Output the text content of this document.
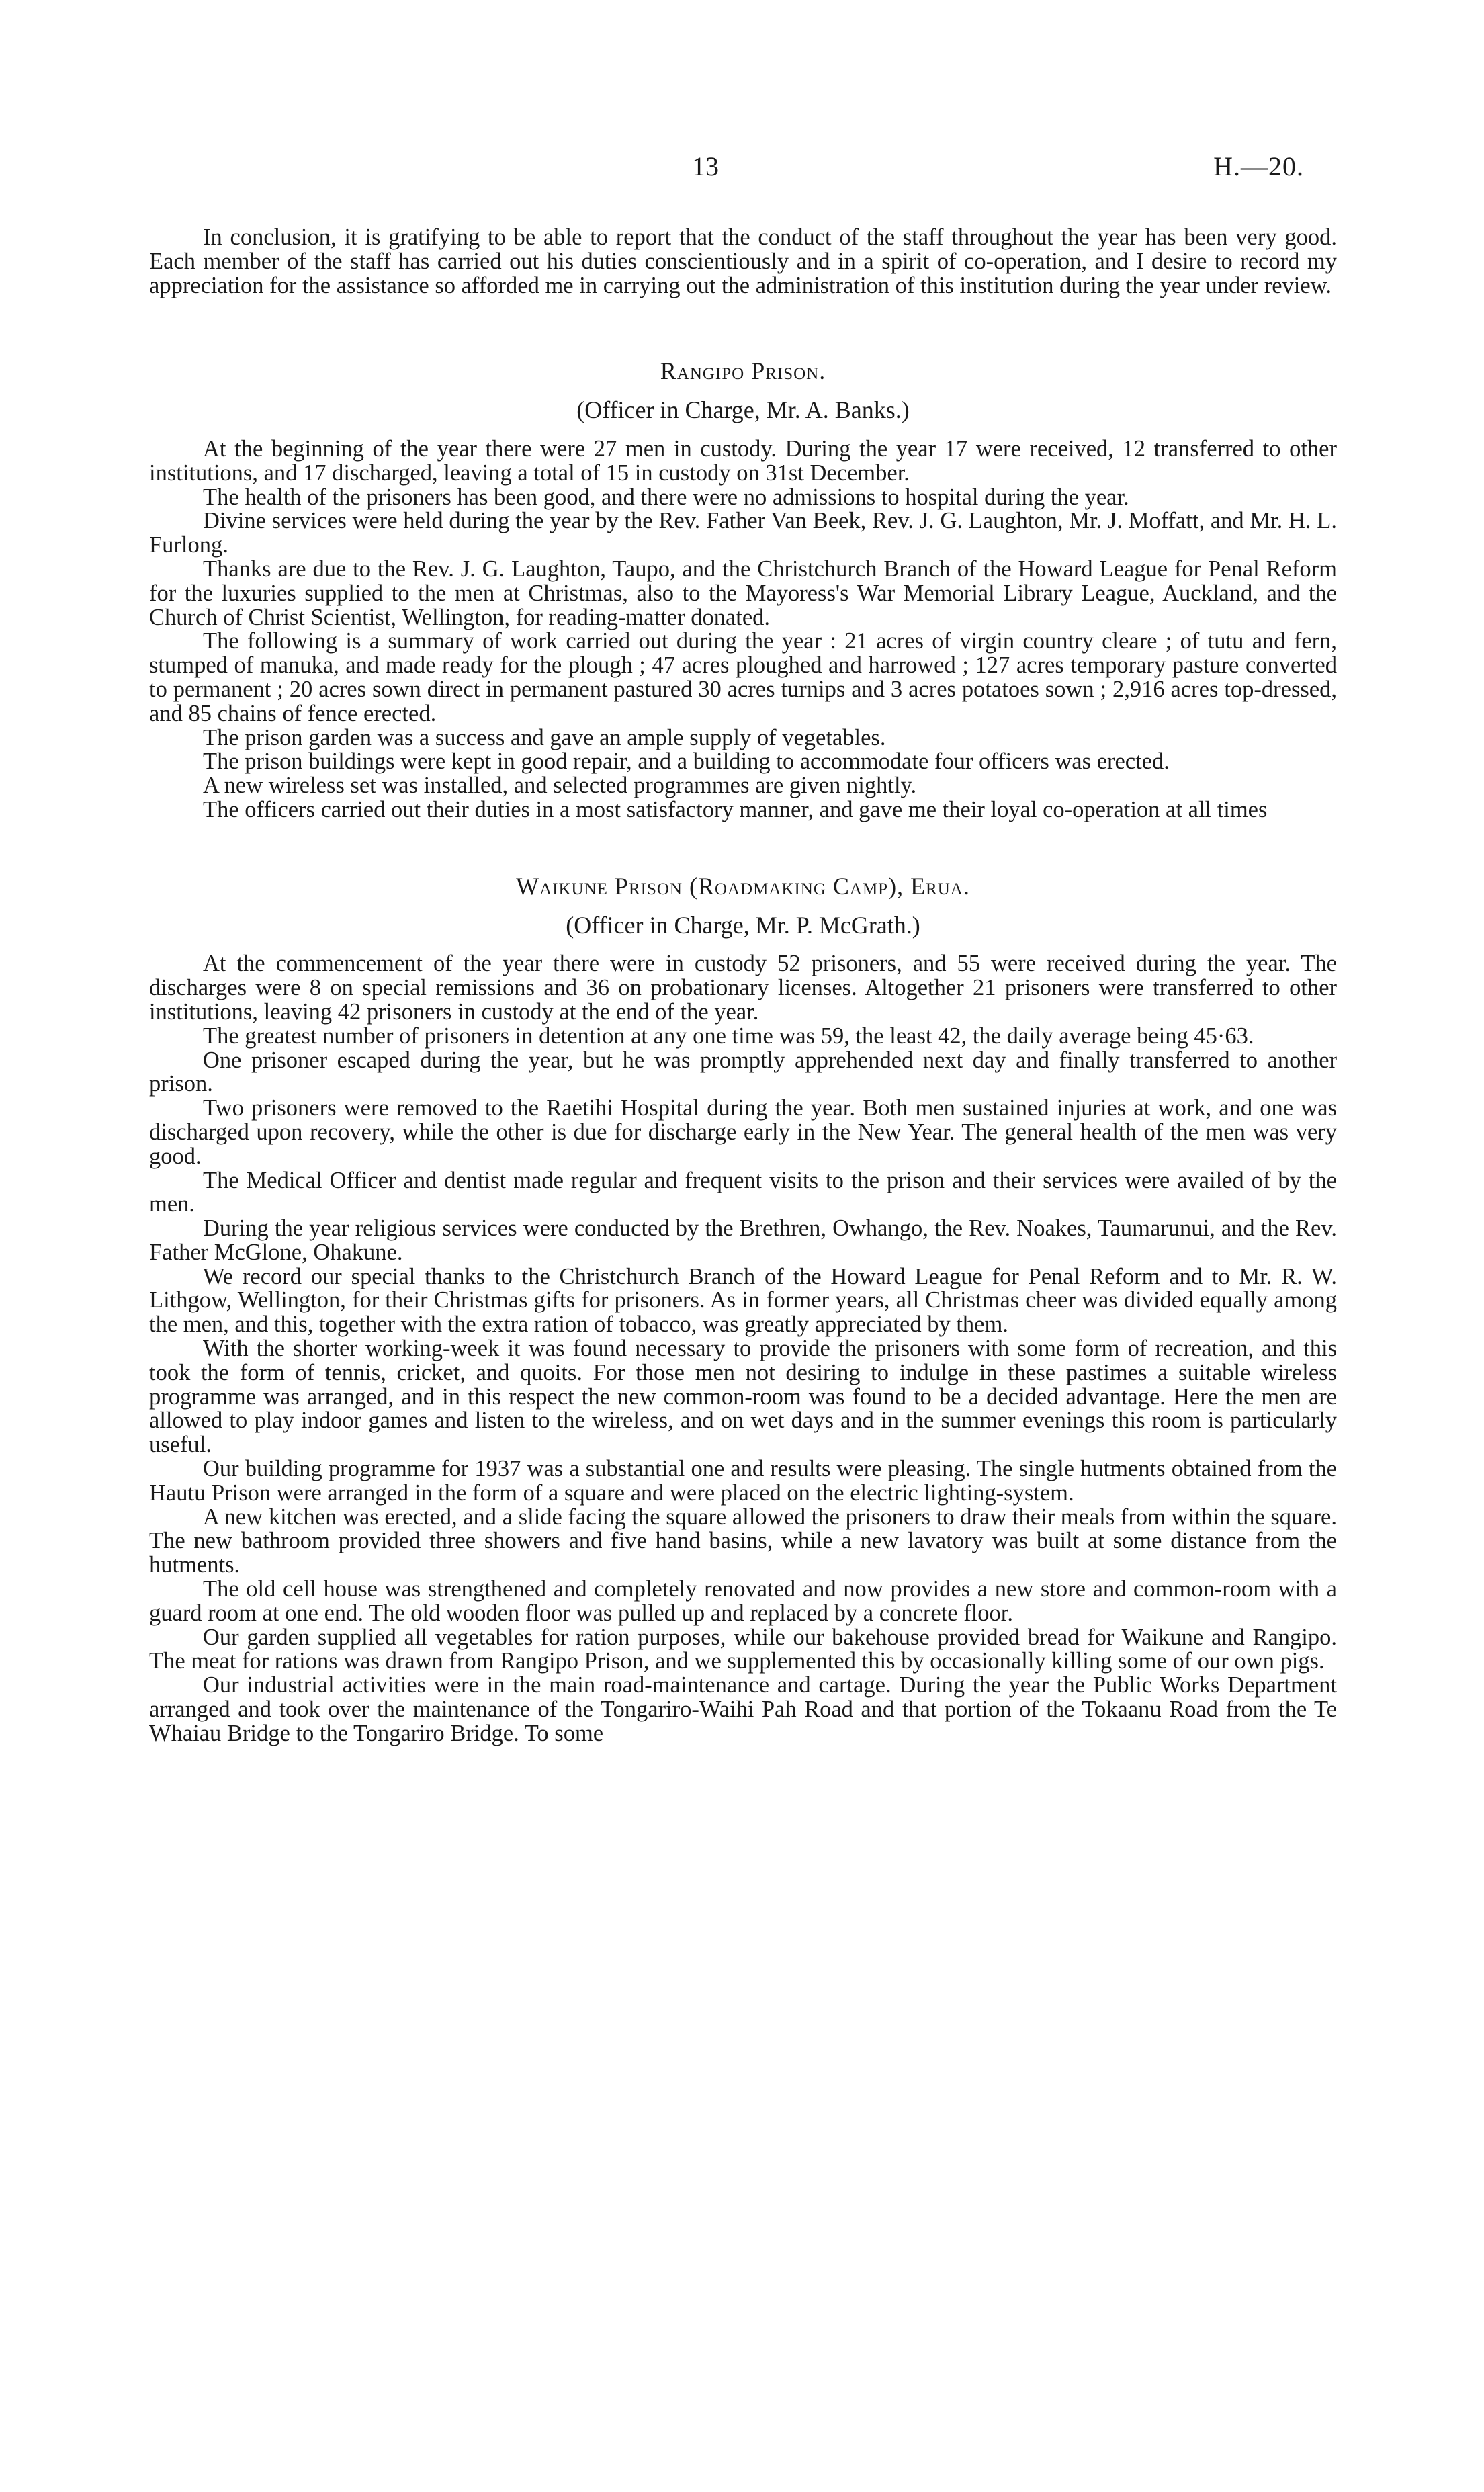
13	H.—20.

In conclusion, it is gratifying to be able to report that the conduct of the staff throughout the year has been very good. Each member of the staff has carried out his duties conscientiously and in a spirit of co-operation, and I desire to record my appreciation for the assistance so afforded me in carrying out the administration of this institution during the year under review.

Rangipo Prison.

(Officer in Charge, Mr. A. Banks.)

At the beginning of the year there were 27 men in custody. During the year 17 were received, 12 transferred to other institutions, and 17 discharged, leaving a total of 15 in custody on 31st December.

The health of the prisoners has been good, and there were no admissions to hospital during the year.

Divine services were held during the year by the Rev. Father Van Beek, Rev. J. G. Laughton, Mr. J. Moffatt, and Mr. H. L. Furlong.

Thanks are due to the Rev. J. G. Laughton, Taupo, and the Christchurch Branch of the Howard League for Penal Reform for the luxuries supplied to the men at Christmas, also to the Mayoress's War Memorial Library League, Auckland, and the Church of Christ Scientist, Wellington, for reading-matter donated.

The following is a summary of work carried out during the year : 21 acres of virgin country cleare ; of tutu and fern, stumped of manuka, and made ready for the plough ; 47 acres ploughed and harrowed ; 127 acres temporary pasture converted to permanent ; 20 acres sown direct in permanent pastured 30 acres turnips and 3 acres potatoes sown ; 2,916 acres top-dressed, and 85 chains of fence erected.

The prison garden was a success and gave an ample supply of vegetables.

The prison buildings were kept in good repair, and a building to accommodate four officers was erected.

A new wireless set was installed, and selected programmes are given nightly.

The officers carried out their duties in a most satisfactory manner, and gave me their loyal co-operation at all times

Waikune Prison (Roadmaking Camp), Erua.

(Officer in Charge, Mr. P. McGrath.)

At the commencement of the year there were in custody 52 prisoners, and 55 were received during the year. The discharges were 8 on special remissions and 36 on probationary licenses. Altogether 21 prisoners were transferred to other institutions, leaving 42 prisoners in custody at the end of the year.

The greatest number of prisoners in detention at any one time was 59, the least 42, the daily average being 45·63.

One prisoner escaped during the year, but he was promptly apprehended next day and finally transferred to another prison.

Two prisoners were removed to the Raetihi Hospital during the year. Both men sustained injuries at work, and one was discharged upon recovery, while the other is due for discharge early in the New Year. The general health of the men was very good.

The Medical Officer and dentist made regular and frequent visits to the prison and their services were availed of by the men.

During the year religious services were conducted by the Brethren, Owhango, the Rev. Noakes, Taumarunui, and the Rev. Father McGlone, Ohakune.

We record our special thanks to the Christchurch Branch of the Howard League for Penal Reform and to Mr. R. W. Lithgow, Wellington, for their Christmas gifts for prisoners. As in former years, all Christmas cheer was divided equally among the men, and this, together with the extra ration of tobacco, was greatly appreciated by them.

With the shorter working-week it was found necessary to provide the prisoners with some form of recreation, and this took the form of tennis, cricket, and quoits. For those men not desiring to indulge in these pastimes a suitable wireless programme was arranged, and in this respect the new common-room was found to be a decided advantage. Here the men are allowed to play indoor games and listen to the wireless, and on wet days and in the summer evenings this room is particularly useful.

Our building programme for 1937 was a substantial one and results were pleasing. The single hutments obtained from the Hautu Prison were arranged in the form of a square and were placed on the electric lighting-system.

A new kitchen was erected, and a slide facing the square allowed the prisoners to draw their meals from within the square. The new bathroom provided three showers and five hand basins, while a new lavatory was built at some distance from the hutments.

The old cell house was strengthened and completely renovated and now provides a new store and common-room with a guard room at one end. The old wooden floor was pulled up and replaced by a concrete floor.

Our garden supplied all vegetables for ration purposes, while our bakehouse provided bread for Waikune and Rangipo. The meat for rations was drawn from Rangipo Prison, and we supplemented this by occasionally killing some of our own pigs.

Our industrial activities were in the main road-maintenance and cartage. During the year the Public Works Department arranged and took over the maintenance of the Tongariro-Waihi Pah Road and that portion of the Tokaanu Road from the Te Whaiau Bridge to the Tongariro Bridge. To some
